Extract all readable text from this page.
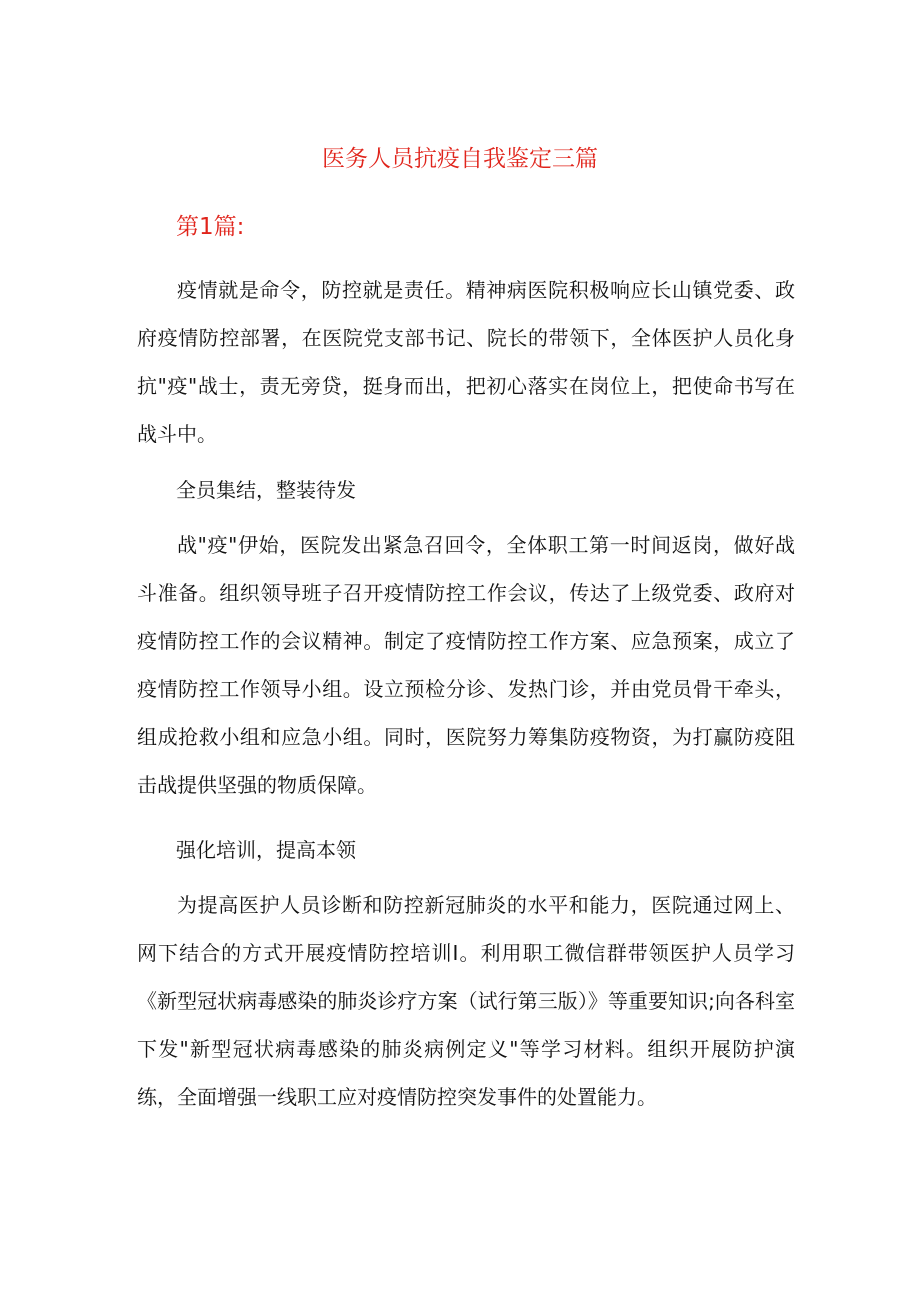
医务人员抗疫自我鉴定三篇
第1篇:

疫情就是命令，防控就是责任。精神病医院积极响应长山镇党委、政府疫情防控部署，在医院党支部书记、院长的带领下，全体医护人员化身抗"疫"战士，责无旁贷，挺身而出，把初心落实在岗位上，把使命书写在战斗中。

全员集结，整装待发

战"疫"伊始，医院发出紧急召回令，全体职工第一时间返岗，做好战斗准备。组织领导班子召开疫情防控工作会议，传达了上级党委、政府对疫情防控工作的会议精神。制定了疫情防控工作方案、应急预案，成立了疫情防控工作领导小组。设立预检分诊、发热门诊，并由党员骨干牵头，组成抢救小组和应急小组。同时，医院努力筹集防疫物资，为打赢防疫阻击战提供坚强的物质保障。

强化培训，提高本领

为提高医护人员诊断和防控新冠肺炎的水平和能力，医院通过网上、网下结合的方式开展疫情防控培训I。利用职工微信群带领医护人员学习《新型冠状病毒感染的肺炎诊疗方案（试行第三版）》等重要知识;向各科室下发"新型冠状病毒感染的肺炎病例定义"等学习材料。组织开展防护演练，全面增强一线职工应对疫情防控突发事件的处置能力。
